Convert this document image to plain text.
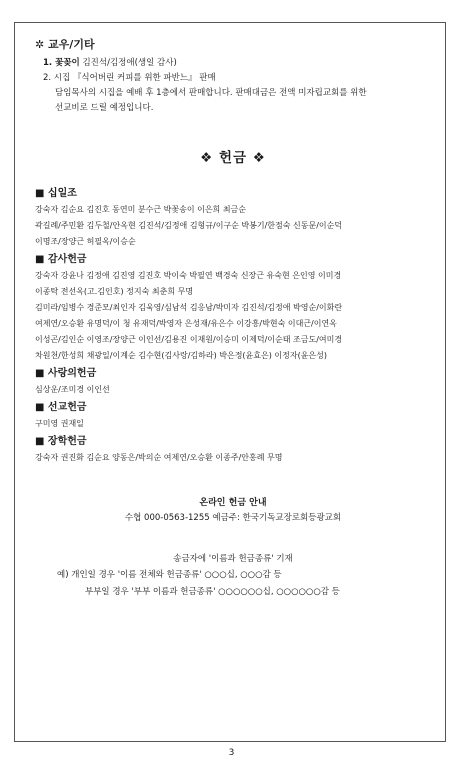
✲ 교우/기타
1. 꽃꽂이 김진석/김정애(생일 감사)
2. 시집 『식어버린 커피를 위한 파반느』 판매
담임목사의 시집을 예배 후 1층에서 판매합니다. 판매대금은 전액 미자립교회를 위한
선교비로 드릴 예정입니다.
❖ 헌금 ❖
■ 십일조
강숙자 김순요 김진호 동연미 분수근 박꽃송이 이은희 최금순
곽길례/주민환 김두철/안옥현 김진석/김정애 김형규/이구순 박봉기/한점숙 신동문/이순덕
이명조/장양근 허필옥/이승순
■ 감사헌금
강숙자 강윤나 김정애 김진영 김진호 박이숙 박필연 백경숙 신장근 유숙현 은인영 이미경
이종탁 전선옥(고.김인호) 정지숙 최춘희 무명
김미라/임병수 경준모/최인자 김욱영/심남석 김응남/박미자 김진석/김정애 박영순/이화란
여제연/오승환 유명덕/이 청 유재덕/박영자 은성재/유은수 이강흥/박현숙 이대근/이연옥
이성곤/김인순 이영조/장양근 이인선/김용진 이재원/이승미 이제덕/이순태 조금도/여미경
차원천/한성희 채광일/이계순 김수현(김사랑/김하라) 박은정(윤효은) 이정자(윤은성)
■ 사랑의헌금
심상운/조미경 이인선
■ 선교헌금
구미영 권재일
■ 장학헌금
강숙자 권진화 김순요 양동은/박의순 여제연/오승환 이종주/안홍례 무명
온라인 헌금 안내
수협 000-0563-1255 예금주: 한국기독교장로회등광교회
송금자에 '이름과 헌금종류' 기재
예) 개인일 경우 '이름 전체와 헌금종류' ○○○십, ○○○감 등
부부일 경우 '부부 이름과 헌금종류' ○○○○○○십, ○○○○○○감 등
3
